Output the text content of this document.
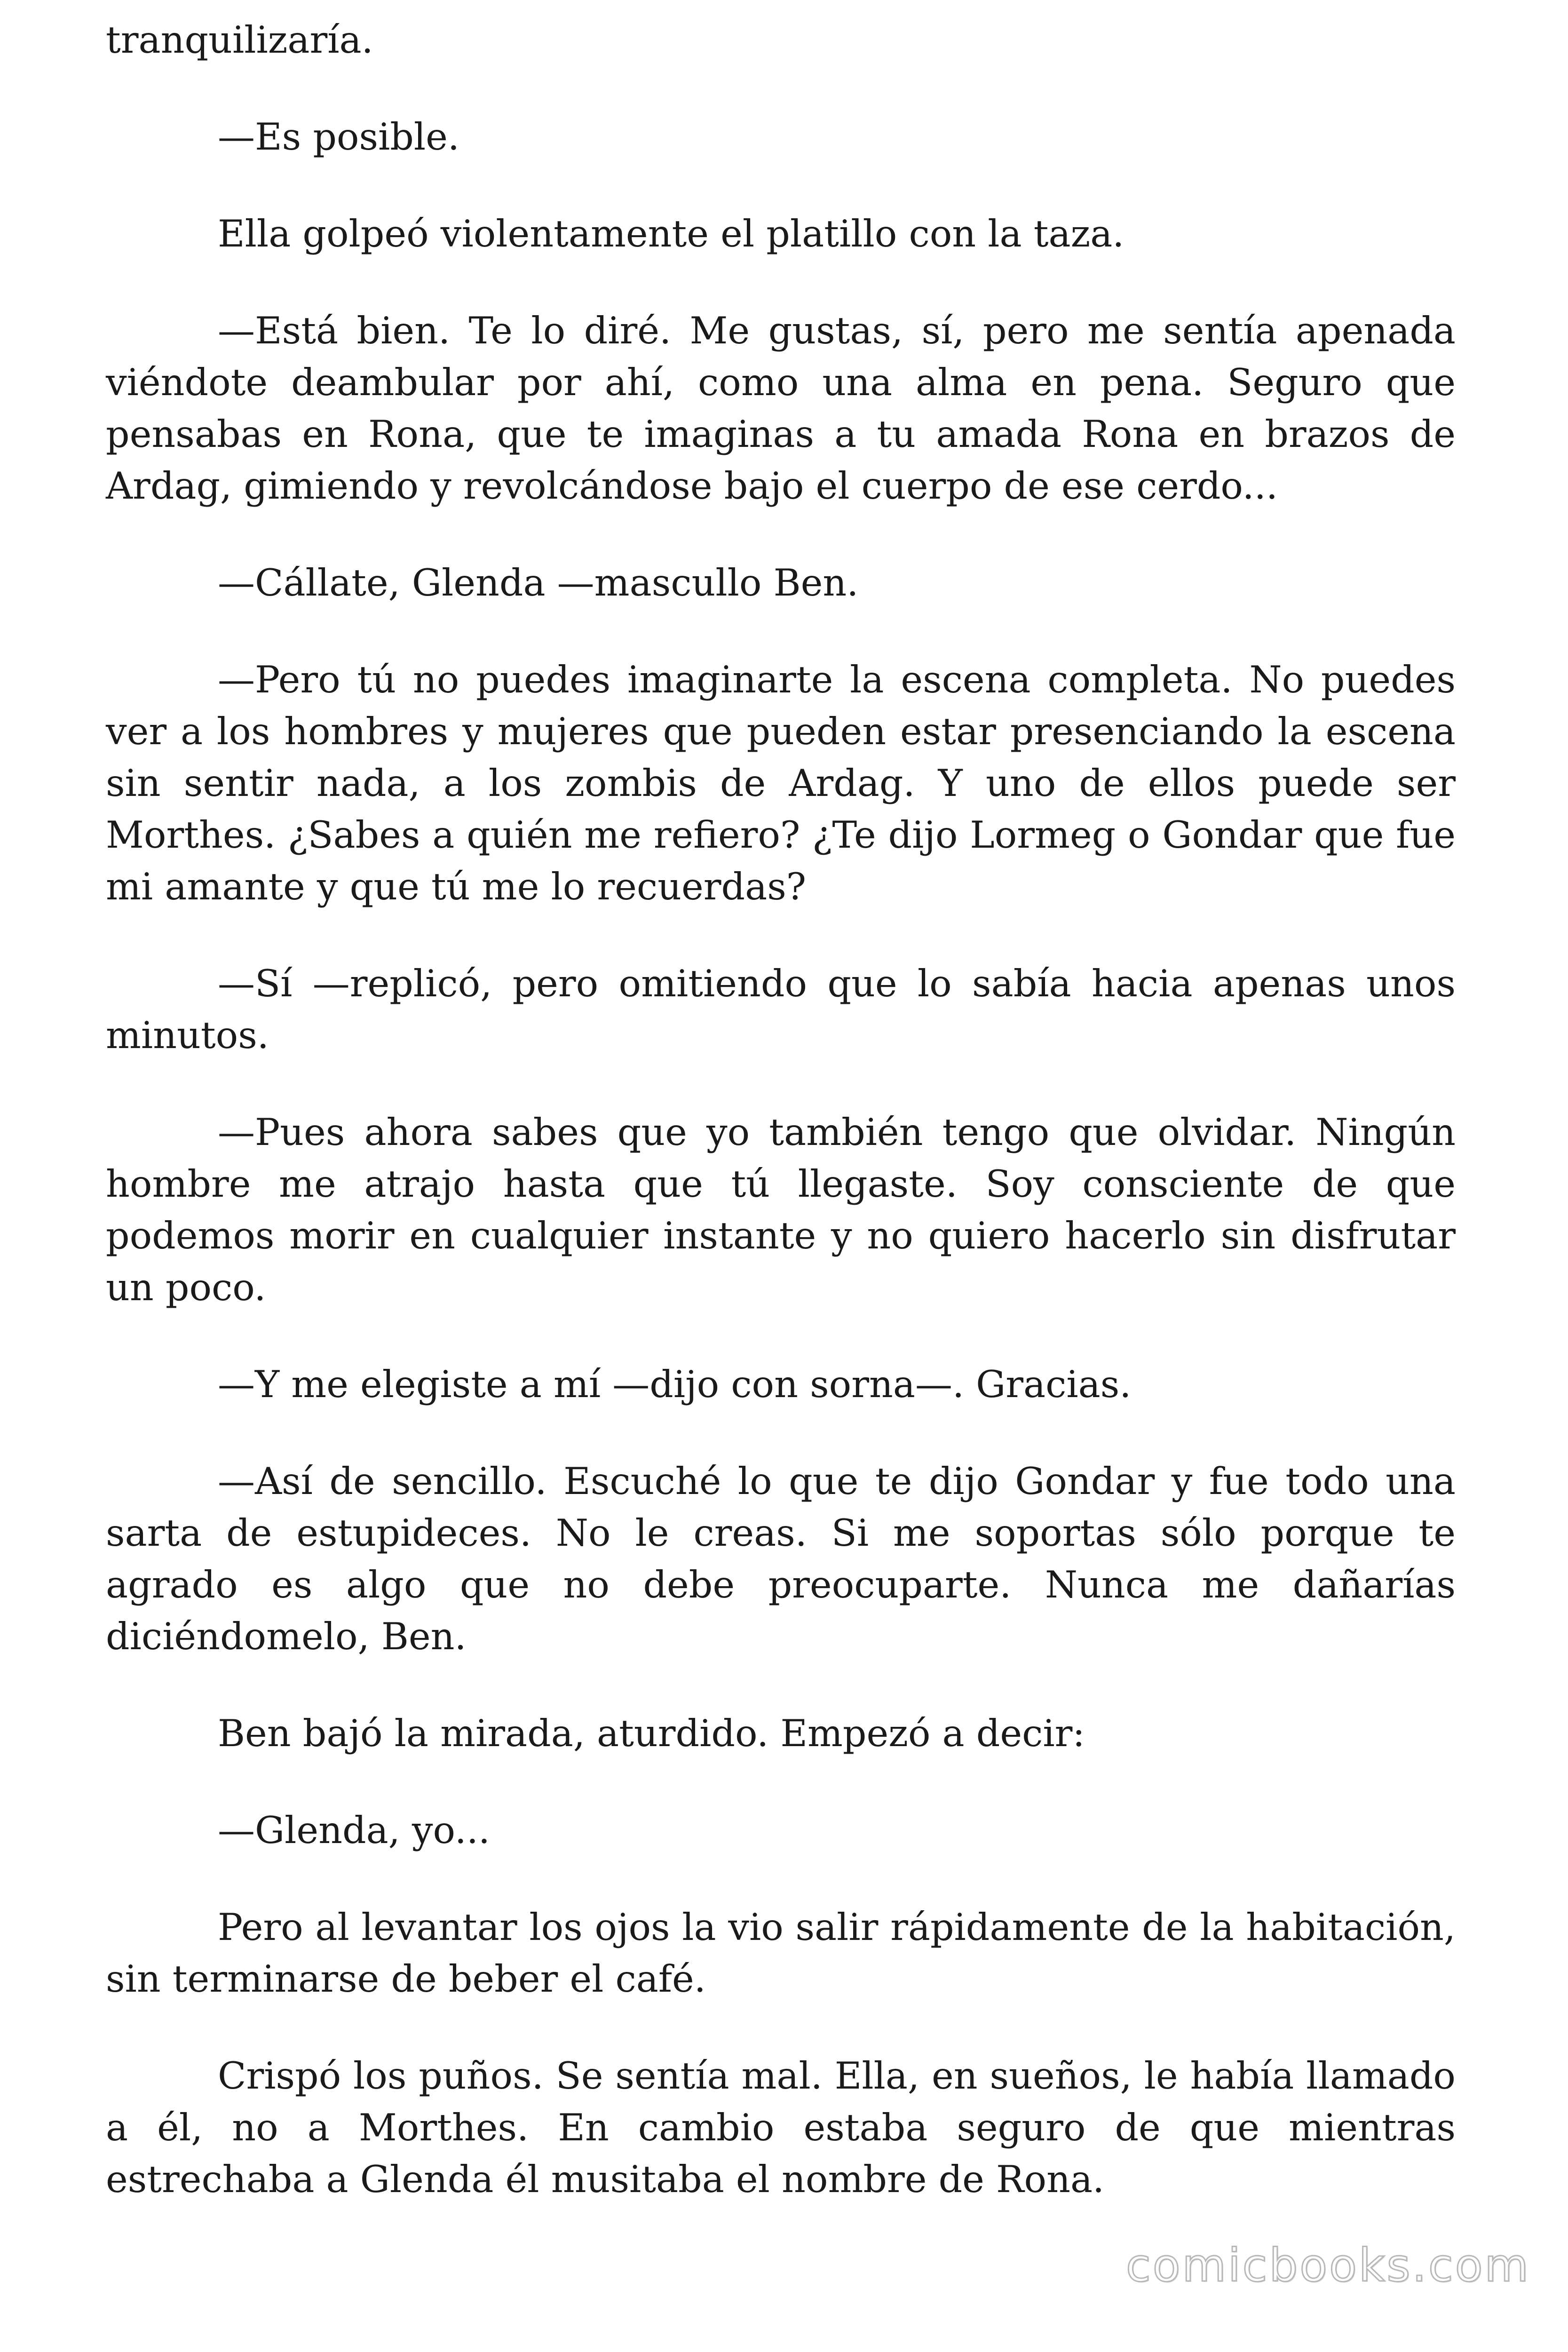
tranquilizaría.

—Es posible.

Ella golpeó violentamente el platillo con la taza.

—Está bien. Te lo diré. Me gustas, sí, pero me sentía apenada viéndote deambular por ahí, como una alma en pena. Seguro que pensabas en Rona, que te imaginas a tu amada Rona en brazos de Ardag, gimiendo y revolcándose bajo el cuerpo de ese cerdo...

—Cállate, Glenda —mascullo Ben.

—Pero tú no puedes imaginarte la escena completa. No puedes ver a los hombres y mujeres que pueden estar presenciando la escena sin sentir nada, a los zombis de Ardag. Y uno de ellos puede ser Morthes. ¿Sabes a quién me refiero? ¿Te dijo Lormeg o Gondar que fue mi amante y que tú me lo recuerdas?

—Sí —replicó, pero omitiendo que lo sabía hacia apenas unos minutos.

—Pues ahora sabes que yo también tengo que olvidar. Ningún hombre me atrajo hasta que tú llegaste. Soy consciente de que podemos morir en cualquier instante y no quiero hacerlo sin disfrutar un poco.

—Y me elegiste a mí —dijo con sorna—. Gracias.

—Así de sencillo. Escuché lo que te dijo Gondar y fue todo una sarta de estupideces. No le creas. Si me soportas sólo porque te agrado es algo que no debe preocuparte. Nunca me dañarías diciéndomelo, Ben.

Ben bajó la mirada, aturdido. Empezó a decir:

—Glenda, yo...

Pero al levantar los ojos la vio salir rápidamente de la habitación, sin terminarse de beber el café.

Crispó los puños. Se sentía mal. Ella, en sueños, le había llamado a él, no a Morthes. En cambio estaba seguro de que mientras estrechaba a Glenda él musitaba el nombre de Rona.

comicbooks.com
